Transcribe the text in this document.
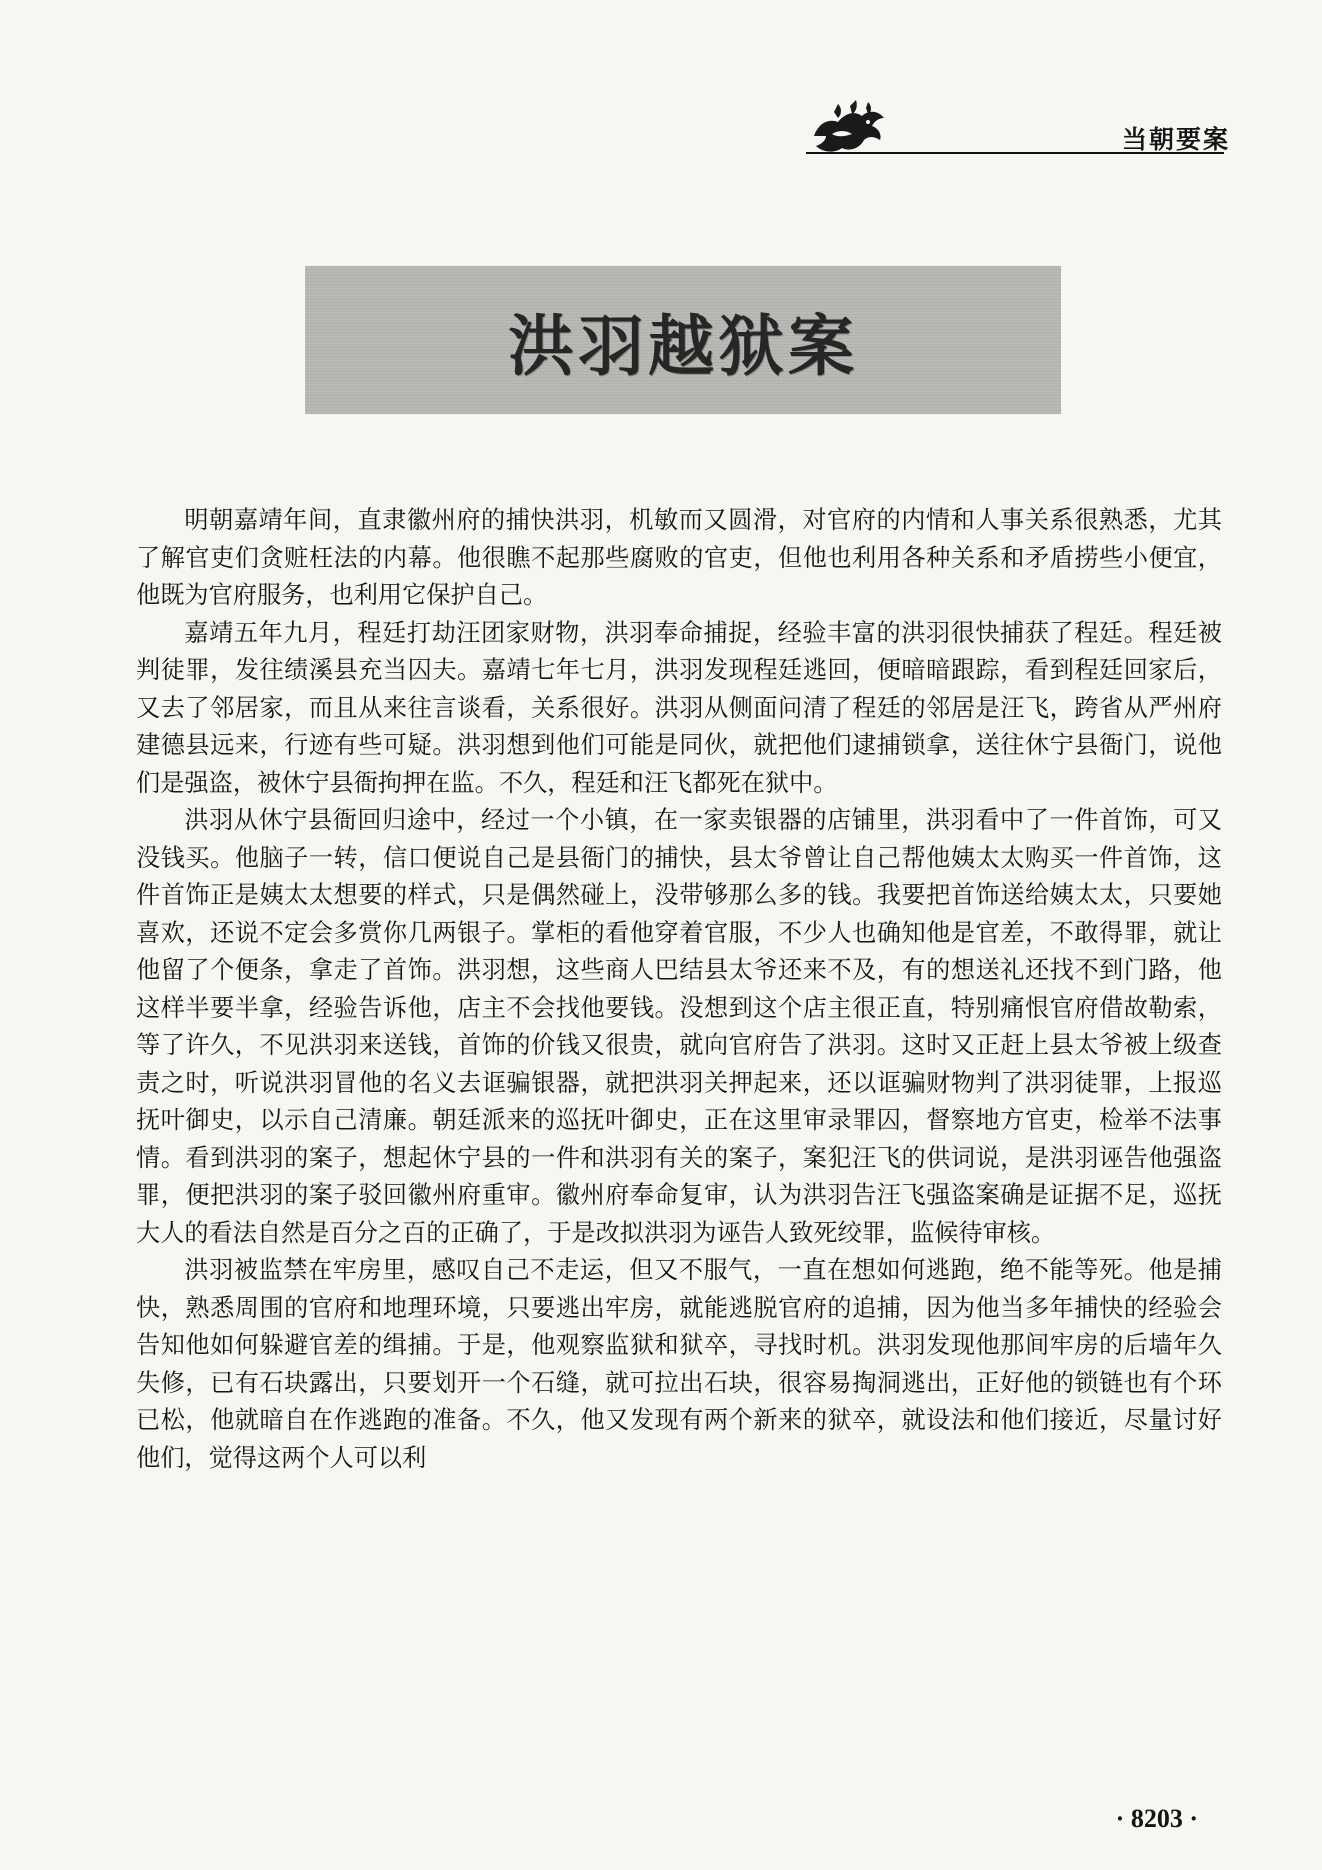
当朝要案
洪羽越狱案

明朝嘉靖年间，直隶徽州府的捕快洪羽，机敏而又圆滑，对官府的内情和人事关系很熟悉，尤其了解官吏们贪赃枉法的内幕。他很瞧不起那些腐败的官吏，但他也利用各种关系和矛盾捞些小便宜，他既为官府服务，也利用它保护自己。

嘉靖五年九月，程廷打劫汪团家财物，洪羽奉命捕捉，经验丰富的洪羽很快捕获了程廷。程廷被判徒罪，发往绩溪县充当囚夫。嘉靖七年七月，洪羽发现程廷逃回，便暗暗跟踪，看到程廷回家后，又去了邻居家，而且从来往言谈看，关系很好。洪羽从侧面问清了程廷的邻居是汪飞，跨省从严州府建德县远来，行迹有些可疑。洪羽想到他们可能是同伙，就把他们逮捕锁拿，送往休宁县衙门，说他们是强盗，被休宁县衙拘押在监。不久，程廷和汪飞都死在狱中。

洪羽从休宁县衙回归途中，经过一个小镇，在一家卖银器的店铺里，洪羽看中了一件首饰，可又没钱买。他脑子一转，信口便说自己是县衙门的捕快，县太爷曾让自己帮他姨太太购买一件首饰，这件首饰正是姨太太想要的样式，只是偶然碰上，没带够那么多的钱。我要把首饰送给姨太太，只要她喜欢，还说不定会多赏你几两银子。掌柜的看他穿着官服，不少人也确知他是官差，不敢得罪，就让他留了个便条，拿走了首饰。洪羽想，这些商人巴结县太爷还来不及，有的想送礼还找不到门路，他这样半要半拿，经验告诉他，店主不会找他要钱。没想到这个店主很正直，特别痛恨官府借故勒索，等了许久，不见洪羽来送钱，首饰的价钱又很贵，就向官府告了洪羽。这时又正赶上县太爷被上级查责之时，听说洪羽冒他的名义去诓骗银器，就把洪羽关押起来，还以诓骗财物判了洪羽徒罪，上报巡抚叶御史，以示自己清廉。朝廷派来的巡抚叶御史，正在这里审录罪囚，督察地方官吏，检举不法事情。看到洪羽的案子，想起休宁县的一件和洪羽有关的案子，案犯汪飞的供词说，是洪羽诬告他强盗罪，便把洪羽的案子驳回徽州府重审。徽州府奉命复审，认为洪羽告汪飞强盗案确是证据不足，巡抚大人的看法自然是百分之百的正确了，于是改拟洪羽为诬告人致死绞罪，监候待审核。

洪羽被监禁在牢房里，感叹自己不走运，但又不服气，一直在想如何逃跑，绝不能等死。他是捕快，熟悉周围的官府和地理环境，只要逃出牢房，就能逃脱官府的追捕，因为他当多年捕快的经验会告知他如何躲避官差的缉捕。于是，他观察监狱和狱卒，寻找时机。洪羽发现他那间牢房的后墙年久失修，已有石块露出，只要划开一个石缝，就可拉出石块，很容易掏洞逃出，正好他的锁链也有个环已松，他就暗自在作逃跑的准备。不久，他又发现有两个新来的狱卒，就设法和他们接近，尽量讨好他们，觉得这两个人可以利

· 8203 ·
